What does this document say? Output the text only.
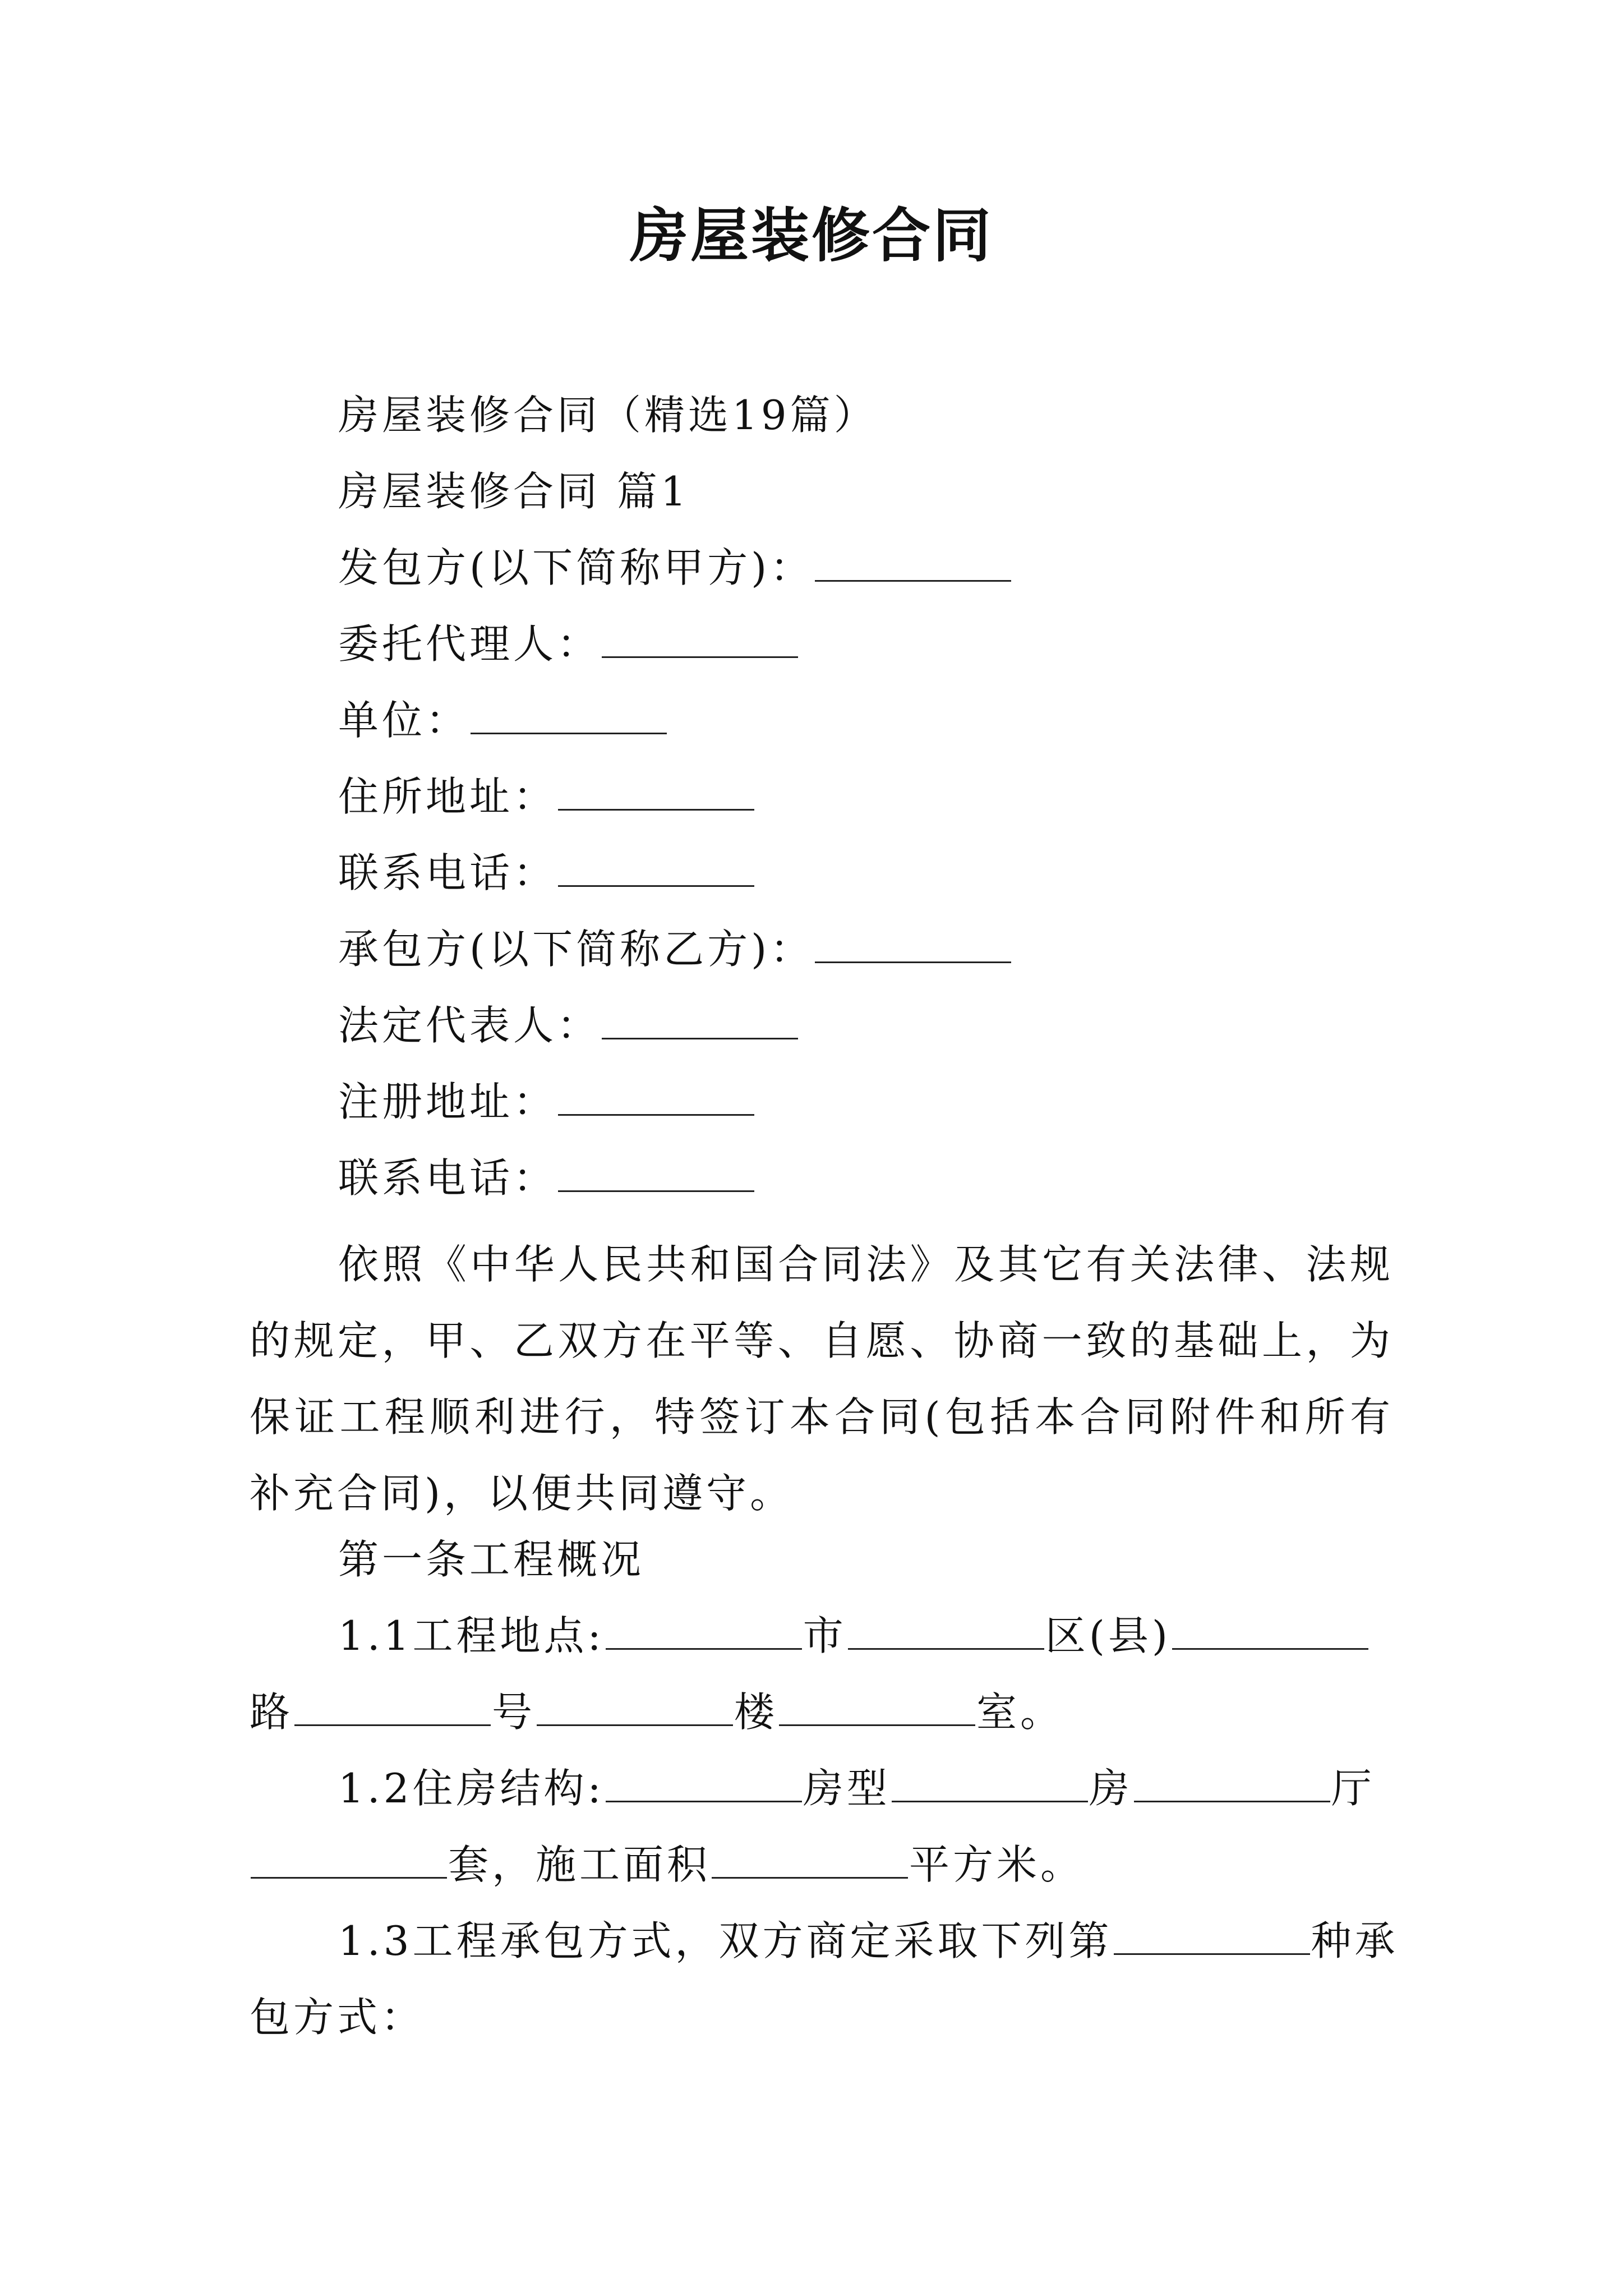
房屋装修合同
房屋装修合同（精选19篇）
房屋装修合同 篇1
发包方(以下简称甲方)：
委托代理人：
单位：
住所地址：
联系电话：
承包方(以下简称乙方)：
法定代表人：
注册地址：
联系电话：
依照《中华人民共和国合同法》及其它有关法律、法规的规定，甲、乙双方在平等、自愿、协商一致的基础上，为保证工程顺利进行，特签订本合同(包括本合同附件和所有补充合同)，以便共同遵守。
第一条工程概况
1.1工程地点:	市	区(县)
路	号	楼	室。
1.2住房结构:	房型	房	厅
套，施工面积	平方米。
1.3工程承包方式，双方商定采取下列第	种承
包方式：
